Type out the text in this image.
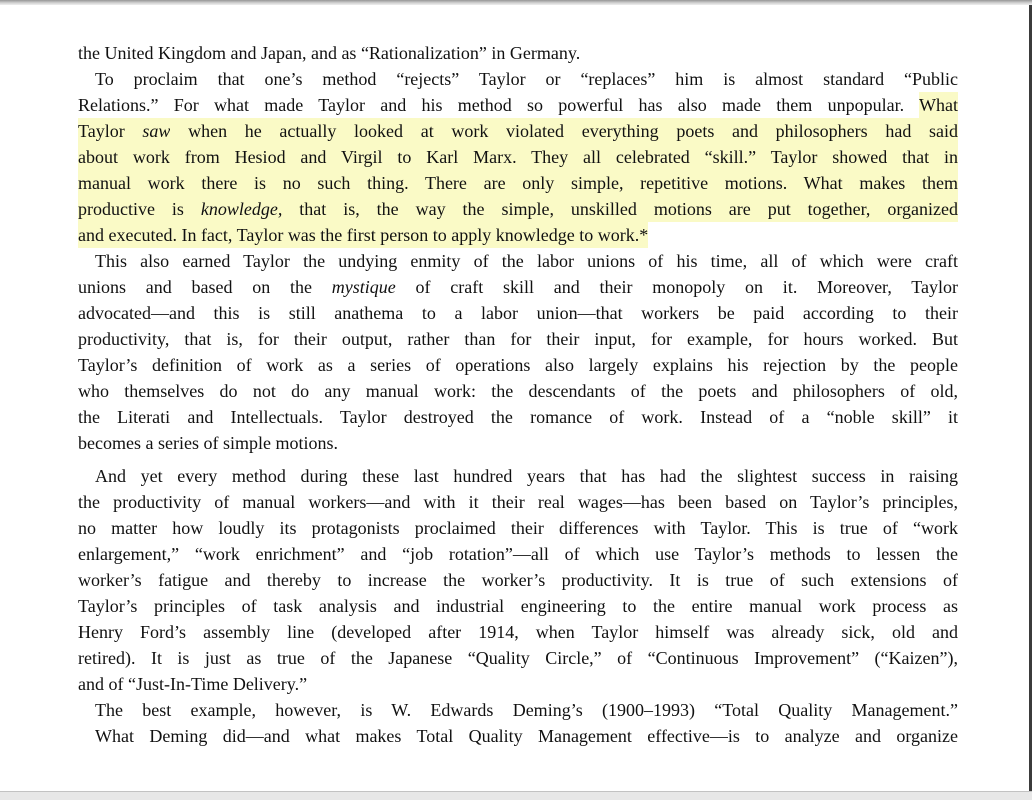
the United Kingdom and Japan, and as “Rationalization” in Germany.
To proclaim that one’s method “rejects” Taylor or “replaces” him is almost standard “Public
Relations.” For what made Taylor and his method so powerful has also made them unpopular. What
Taylor saw when he actually looked at work violated everything poets and philosophers had said
about work from Hesiod and Virgil to Karl Marx. They all celebrated “skill.” Taylor showed that in
manual work there is no such thing. There are only simple, repetitive motions. What makes them
productive is knowledge, that is, the way the simple, unskilled motions are put together, organized
and executed. In fact, Taylor was the first person to apply knowledge to work.*
This also earned Taylor the undying enmity of the labor unions of his time, all of which were craft
unions and based on the mystique of craft skill and their monopoly on it. Moreover, Taylor
advocated—and this is still anathema to a labor union—that workers be paid according to their
productivity, that is, for their output, rather than for their input, for example, for hours worked. But
Taylor’s definition of work as a series of operations also largely explains his rejection by the people
who themselves do not do any manual work: the descendants of the poets and philosophers of old,
the Literati and Intellectuals. Taylor destroyed the romance of work. Instead of a “noble skill” it
becomes a series of simple motions.
And yet every method during these last hundred years that has had the slightest success in raising
the productivity of manual workers—and with it their real wages—has been based on Taylor’s principles,
no matter how loudly its protagonists proclaimed their differences with Taylor. This is true of “work
enlargement,” “work enrichment” and “job rotation”—all of which use Taylor’s methods to lessen the
worker’s fatigue and thereby to increase the worker’s productivity. It is true of such extensions of
Taylor’s principles of task analysis and industrial engineering to the entire manual work process as
Henry Ford’s assembly line (developed after 1914, when Taylor himself was already sick, old and
retired). It is just as true of the Japanese “Quality Circle,” of “Continuous Improvement” (“Kaizen”),
and of “Just-In-Time Delivery.”
The best example, however, is W. Edwards Deming’s (1900–1993) “Total Quality Management.”
What Deming did—and what makes Total Quality Management effective—is to analyze and organize
